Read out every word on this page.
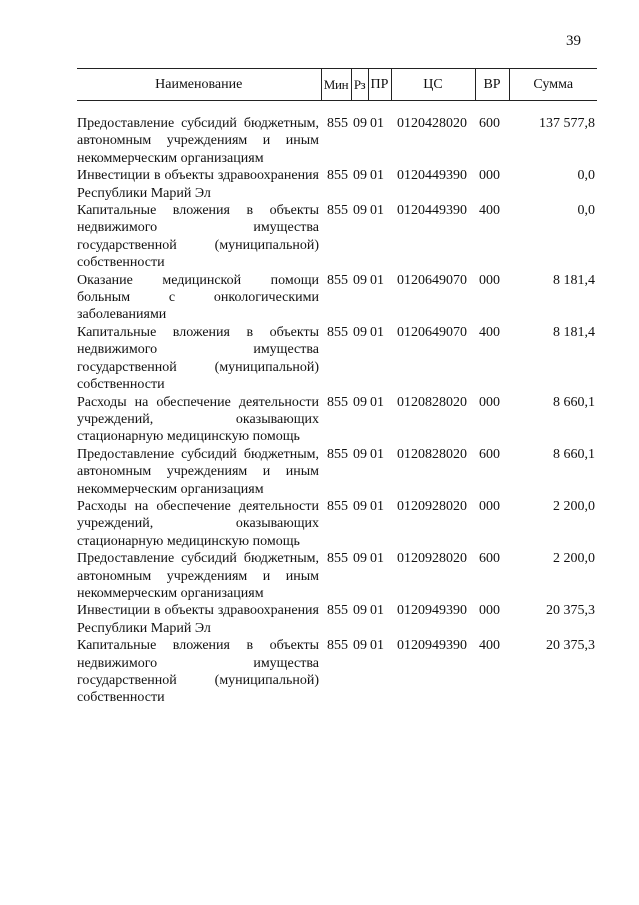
39
Наименование	Мин	Рз	ПР	ЦС	ВР	Сумма

Предоставление субсидий бюджетным, автономным учреждениям и иным некоммерческим организациям	855	09	01	0120428020	600	137 577,8
Инвестиции в объекты здравоохранения Республики Марий Эл	855	09	01	0120449390	000	0,0
Капитальные вложения в объекты недвижимого имущества государственной (муниципальной) собственности	855	09	01	0120449390	400	0,0
Оказание медицинской помощи больным с онкологическими заболеваниями	855	09	01	0120649070	000	8 181,4
Капитальные вложения в объекты недвижимого имущества государственной (муниципальной) собственности	855	09	01	0120649070	400	8 181,4
Расходы на обеспечение деятельности учреждений, оказывающих стационарную медицинскую помощь	855	09	01	0120828020	000	8 660,1
Предоставление субсидий бюджетным, автономным учреждениям и иным некоммерческим организациям	855	09	01	0120828020	600	8 660,1
Расходы на обеспечение деятельности учреждений, оказывающих стационарную медицинскую помощь	855	09	01	0120928020	000	2 200,0
Предоставление субсидий бюджетным, автономным учреждениям и иным некоммерческим организациям	855	09	01	0120928020	600	2 200,0
Инвестиции в объекты здравоохранения Республики Марий Эл	855	09	01	0120949390	000	20 375,3
Капитальные вложения в объекты недвижимого имущества государственной (муниципальной) собственности	855	09	01	0120949390	400	20 375,3
